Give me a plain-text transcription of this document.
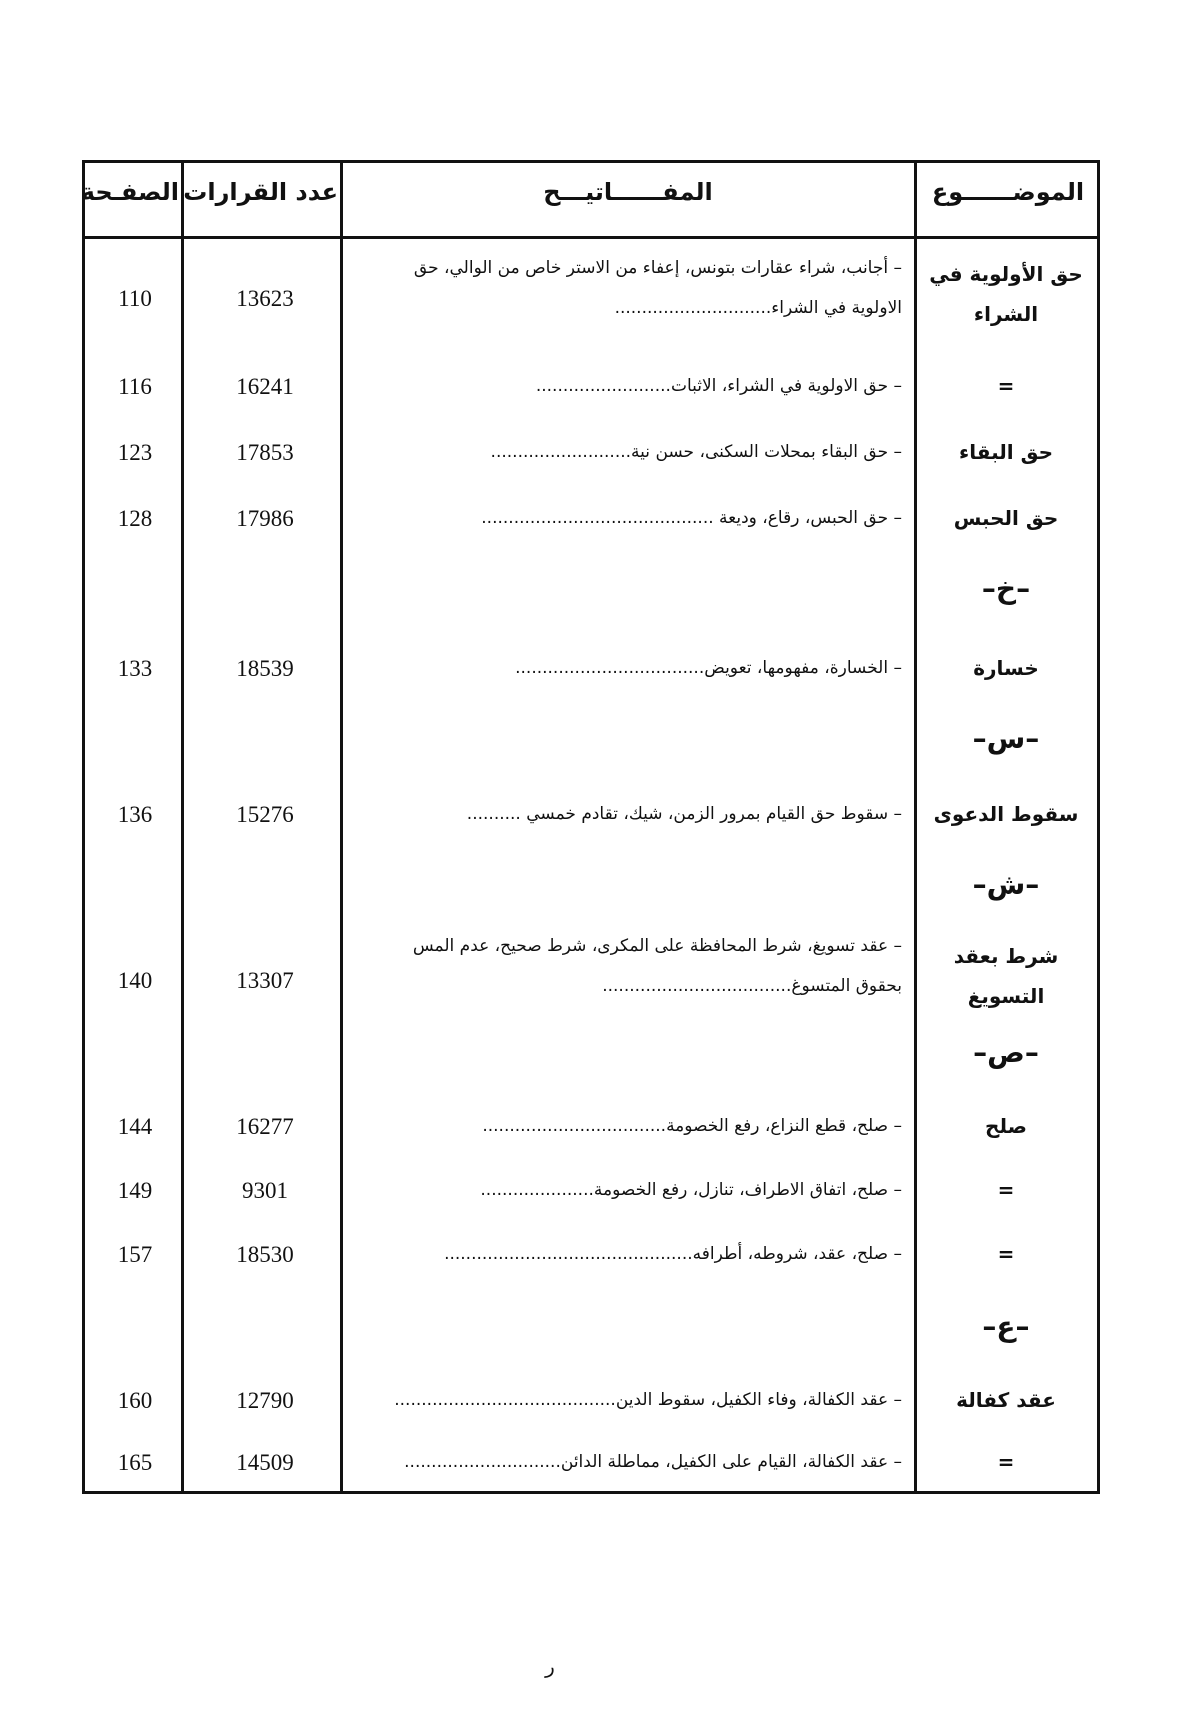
الموضــــــوع
المفــــــاتيـــح
عدد القرارات
الصفـحة
حق الأولوية في الشراء
– أجانب، شراء عقارات بتونس، إعفاء من الاستر خاص من الوالي، حق الاولوية في الشراء.............................
13623
110
=
– حق الاولوية في الشراء، الاثبات.........................
16241
116
حق البقاء
– حق البقاء بمحلات السكنى، حسن نية..........................
17853
123
حق الحبس
– حق الحبس، رقاع، وديعة ...........................................
17986
128
–خ–
خسارة
– الخسارة، مفهومها، تعويض...................................
18539
133
–س–
سقوط الدعوى
– سقوط حق القيام بمرور الزمن، شيك، تقادم خمسي ..........
15276
136
–ش–
شرط بعقد التسويغ
– عقد تسويغ، شرط المحافظة على المكرى، شرط صحيح، عدم المس بحقوق المتسوغ...................................
13307
140
–ص–
صلح
– صلح، قطع النزاع، رفع الخصومة..................................
16277
144
=
– صلح، اتفاق الاطراف، تنازل، رفع الخصومة.....................
9301
149
=
– صلح، عقد، شروطه، أطرافه..............................................
18530
157
–ع–
عقد كفالة
– عقد الكفالة، وفاء الكفيل، سقوط الدين.........................................
12790
160
=
– عقد الكفالة، القيام على الكفيل، مماطلة الدائن.............................
14509
165
ر
